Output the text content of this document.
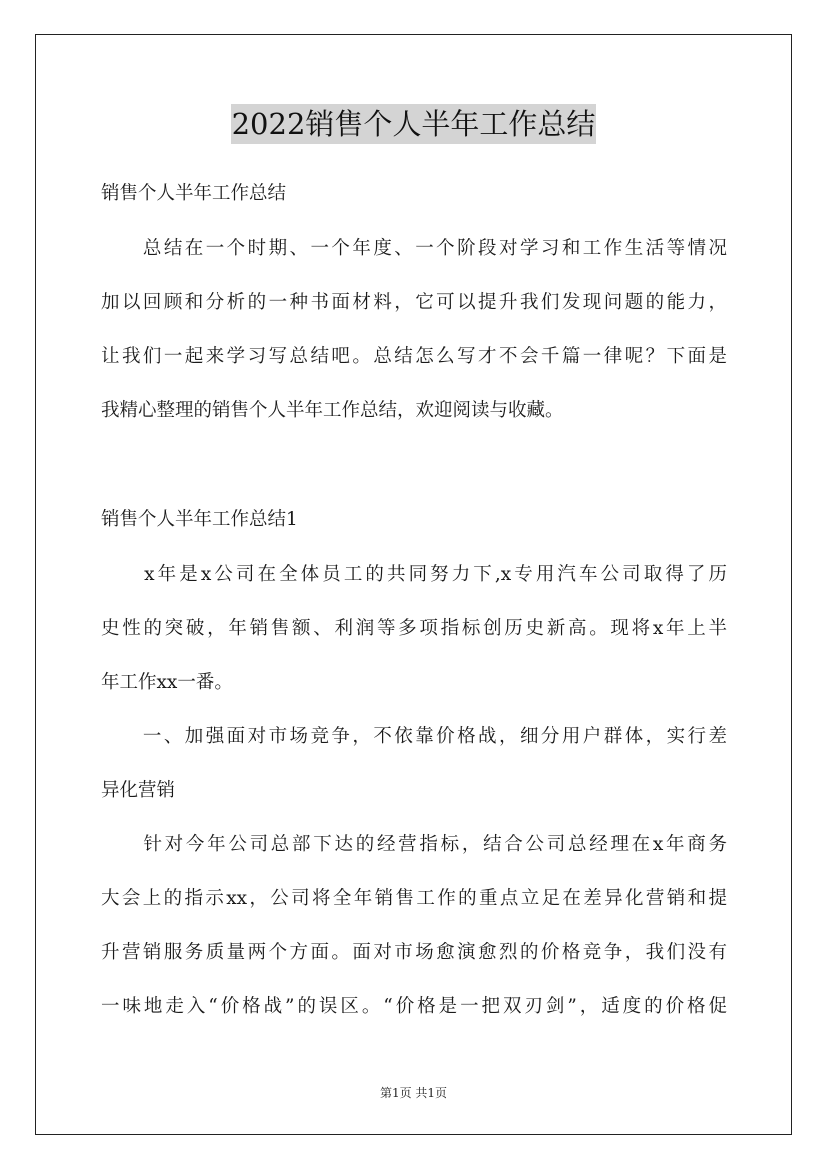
2022销售个人半年工作总结

销售个人半年工作总结

　　总结在一个时期、一个年度、一个阶段对学习和工作生活等情况

加以回顾和分析的一种书面材料，它可以提升我们发现问题的能力，

让我们一起来学习写总结吧。总结怎么写才不会千篇一律呢？下面是

我精心整理的销售个人半年工作总结，欢迎阅读与收藏。

销售个人半年工作总结1

　　x年是x公司在全体员工的共同努力下,x专用汽车公司取得了历

史性的突破，年销售额、利润等多项指标创历史新高。现将x年上半

年工作xx一番。

　　一、加强面对市场竞争，不依靠价格战，细分用户群体，实行差

异化营销

　　针对今年公司总部下达的经营指标，结合公司总经理在x年商务

大会上的指示xx，公司将全年销售工作的重点立足在差异化营销和提

升营销服务质量两个方面。面对市场愈演愈烈的价格竞争，我们没有

一味地走入“价格战”的误区。“价格是一把双刃剑”，适度的价格促

第1页 共1页
